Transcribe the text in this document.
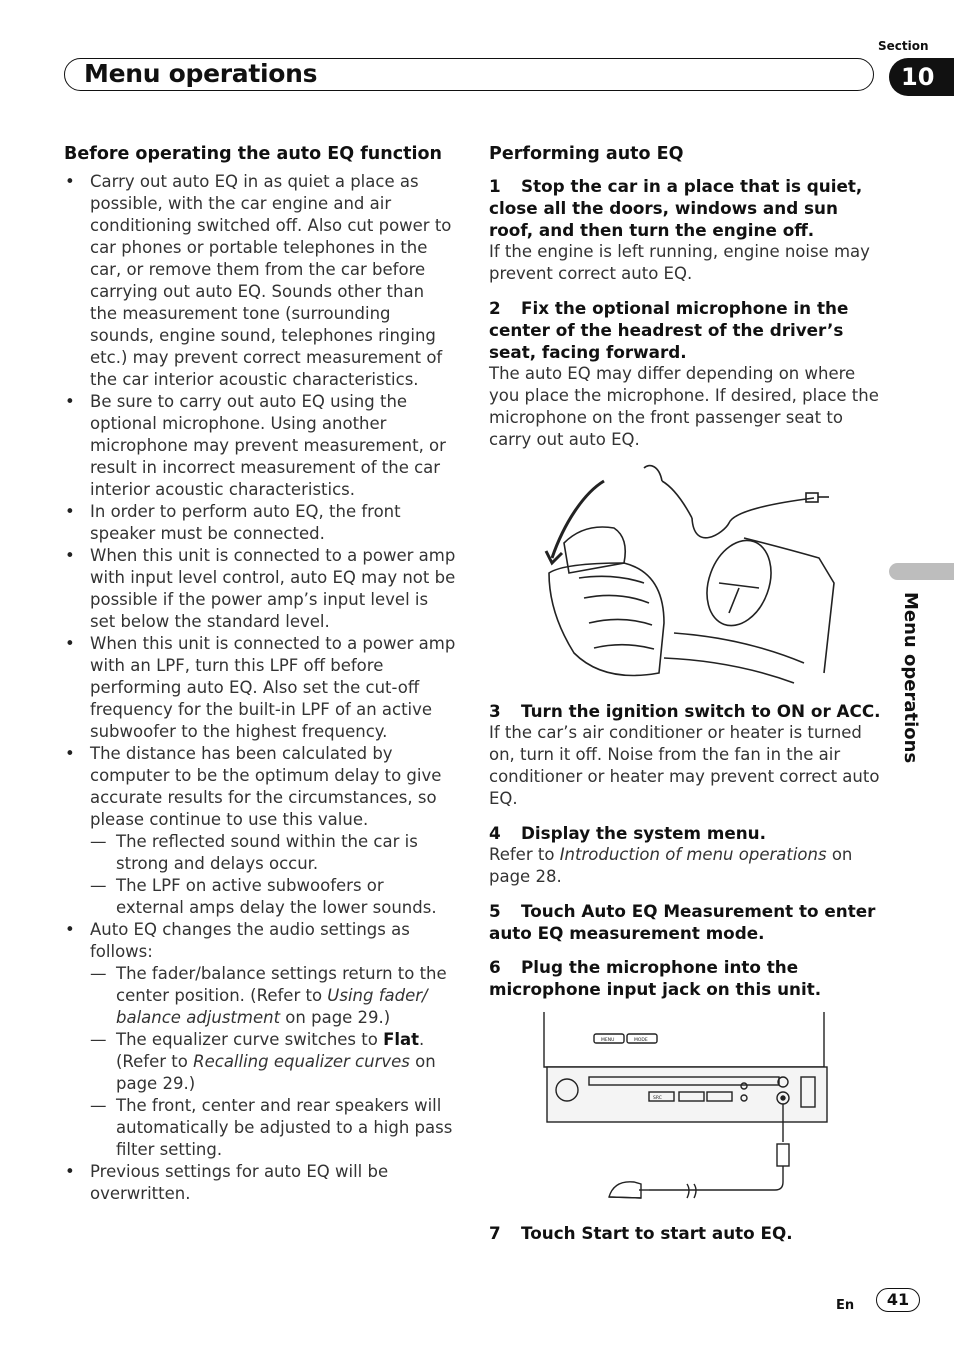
Section
Menu operations	10
Menu operations
Before operating the auto EQ function
• Carry out auto EQ in as quiet a place as possible, with the car engine and air conditioning switched off. Also cut power to car phones or portable telephones in the car, or remove them from the car before carrying out auto EQ. Sounds other than the measurement tone (surrounding sounds, engine sound, telephones ringing etc.) may prevent correct measurement of the car interior acoustic characteristics.
• Be sure to carry out auto EQ using the optional microphone. Using another microphone may prevent measurement, or result in incorrect measurement of the car interior acoustic characteristics.
• In order to perform auto EQ, the front speaker must be connected.
• When this unit is connected to a power amp with input level control, auto EQ may not be possible if the power amp’s input level is set below the standard level.
• When this unit is connected to a power amp with an LPF, turn this LPF off before performing auto EQ. Also set the cut-off frequency for the built-in LPF of an active subwoofer to the highest frequency.
• The distance has been calculated by computer to be the optimum delay to give accurate results for the circumstances, so please continue to use this value.
— The reflected sound within the car is strong and delays occur.
— The LPF on active subwoofers or external amps delay the lower sounds.
• Auto EQ changes the audio settings as follows:
— The fader/balance settings return to the center position. (Refer to Using fader/ balance adjustment on page 29.)
— The equalizer curve switches to Flat. (Refer to Recalling equalizer curves on page 29.)
— The front, center and rear speakers will automatically be adjusted to a high pass filter setting.
• Previous settings for auto EQ will be overwritten.
Performing auto EQ
1 Stop the car in a place that is quiet, close all the doors, windows and sun roof, and then turn the engine off.
If the engine is left running, engine noise may prevent correct auto EQ.
2 Fix the optional microphone in the center of the headrest of the driver’s seat, facing forward.
The auto EQ may differ depending on where you place the microphone. If desired, place the microphone on the front passenger seat to carry out auto EQ.
3 Turn the ignition switch to ON or ACC.
If the car’s air conditioner or heater is turned on, turn it off. Noise from the fan in the air conditioner or heater may prevent correct auto EQ.
4 Display the system menu.
Refer to Introduction of menu operations on page 28.
5 Touch Auto EQ Measurement to enter auto EQ measurement mode.
6 Plug the microphone into the microphone input jack on this unit.
MENU	MODE
SRC
7 Touch Start to start auto EQ.
En	41
